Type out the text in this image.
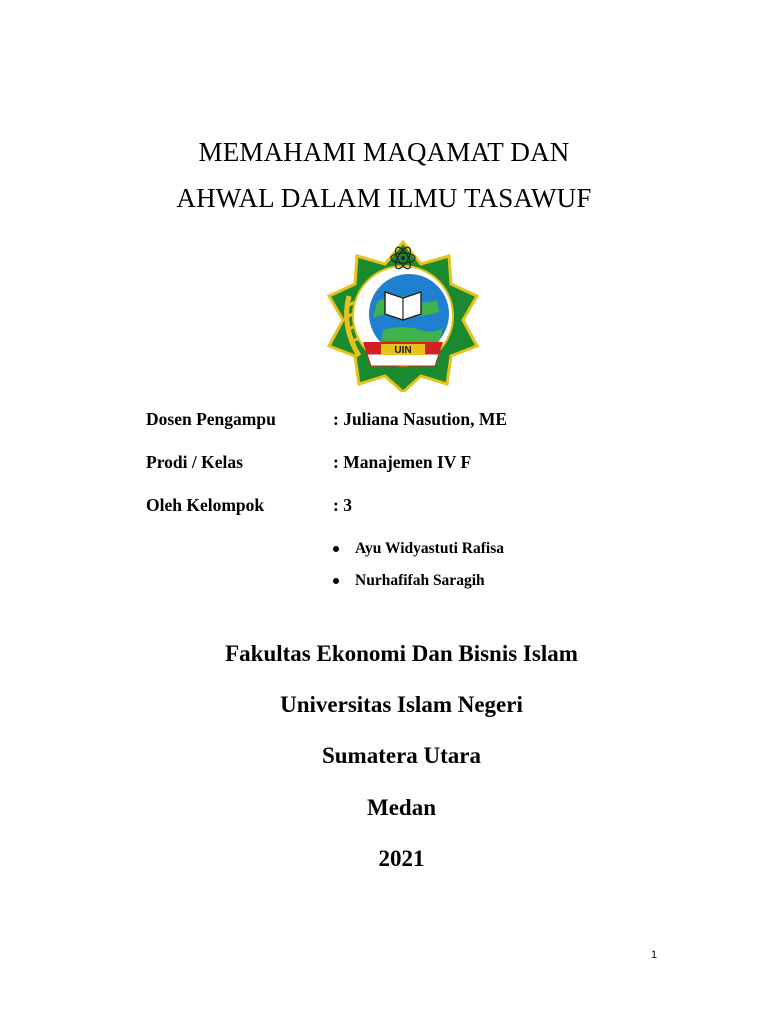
MEMAHAMI MAQAMAT DAN
AHWAL DALAM ILMU TASAWUF
UIN
Dosen Pengampu	: Juliana Nasution, ME
Prodi / Kelas	: Manajemen IV F
Oleh Kelompok	: 3
Ayu Widyastuti Rafisa
Nurhafifah Saragih
Fakultas Ekonomi Dan Bisnis Islam
Universitas Islam Negeri
Sumatera Utara
Medan
2021
1
